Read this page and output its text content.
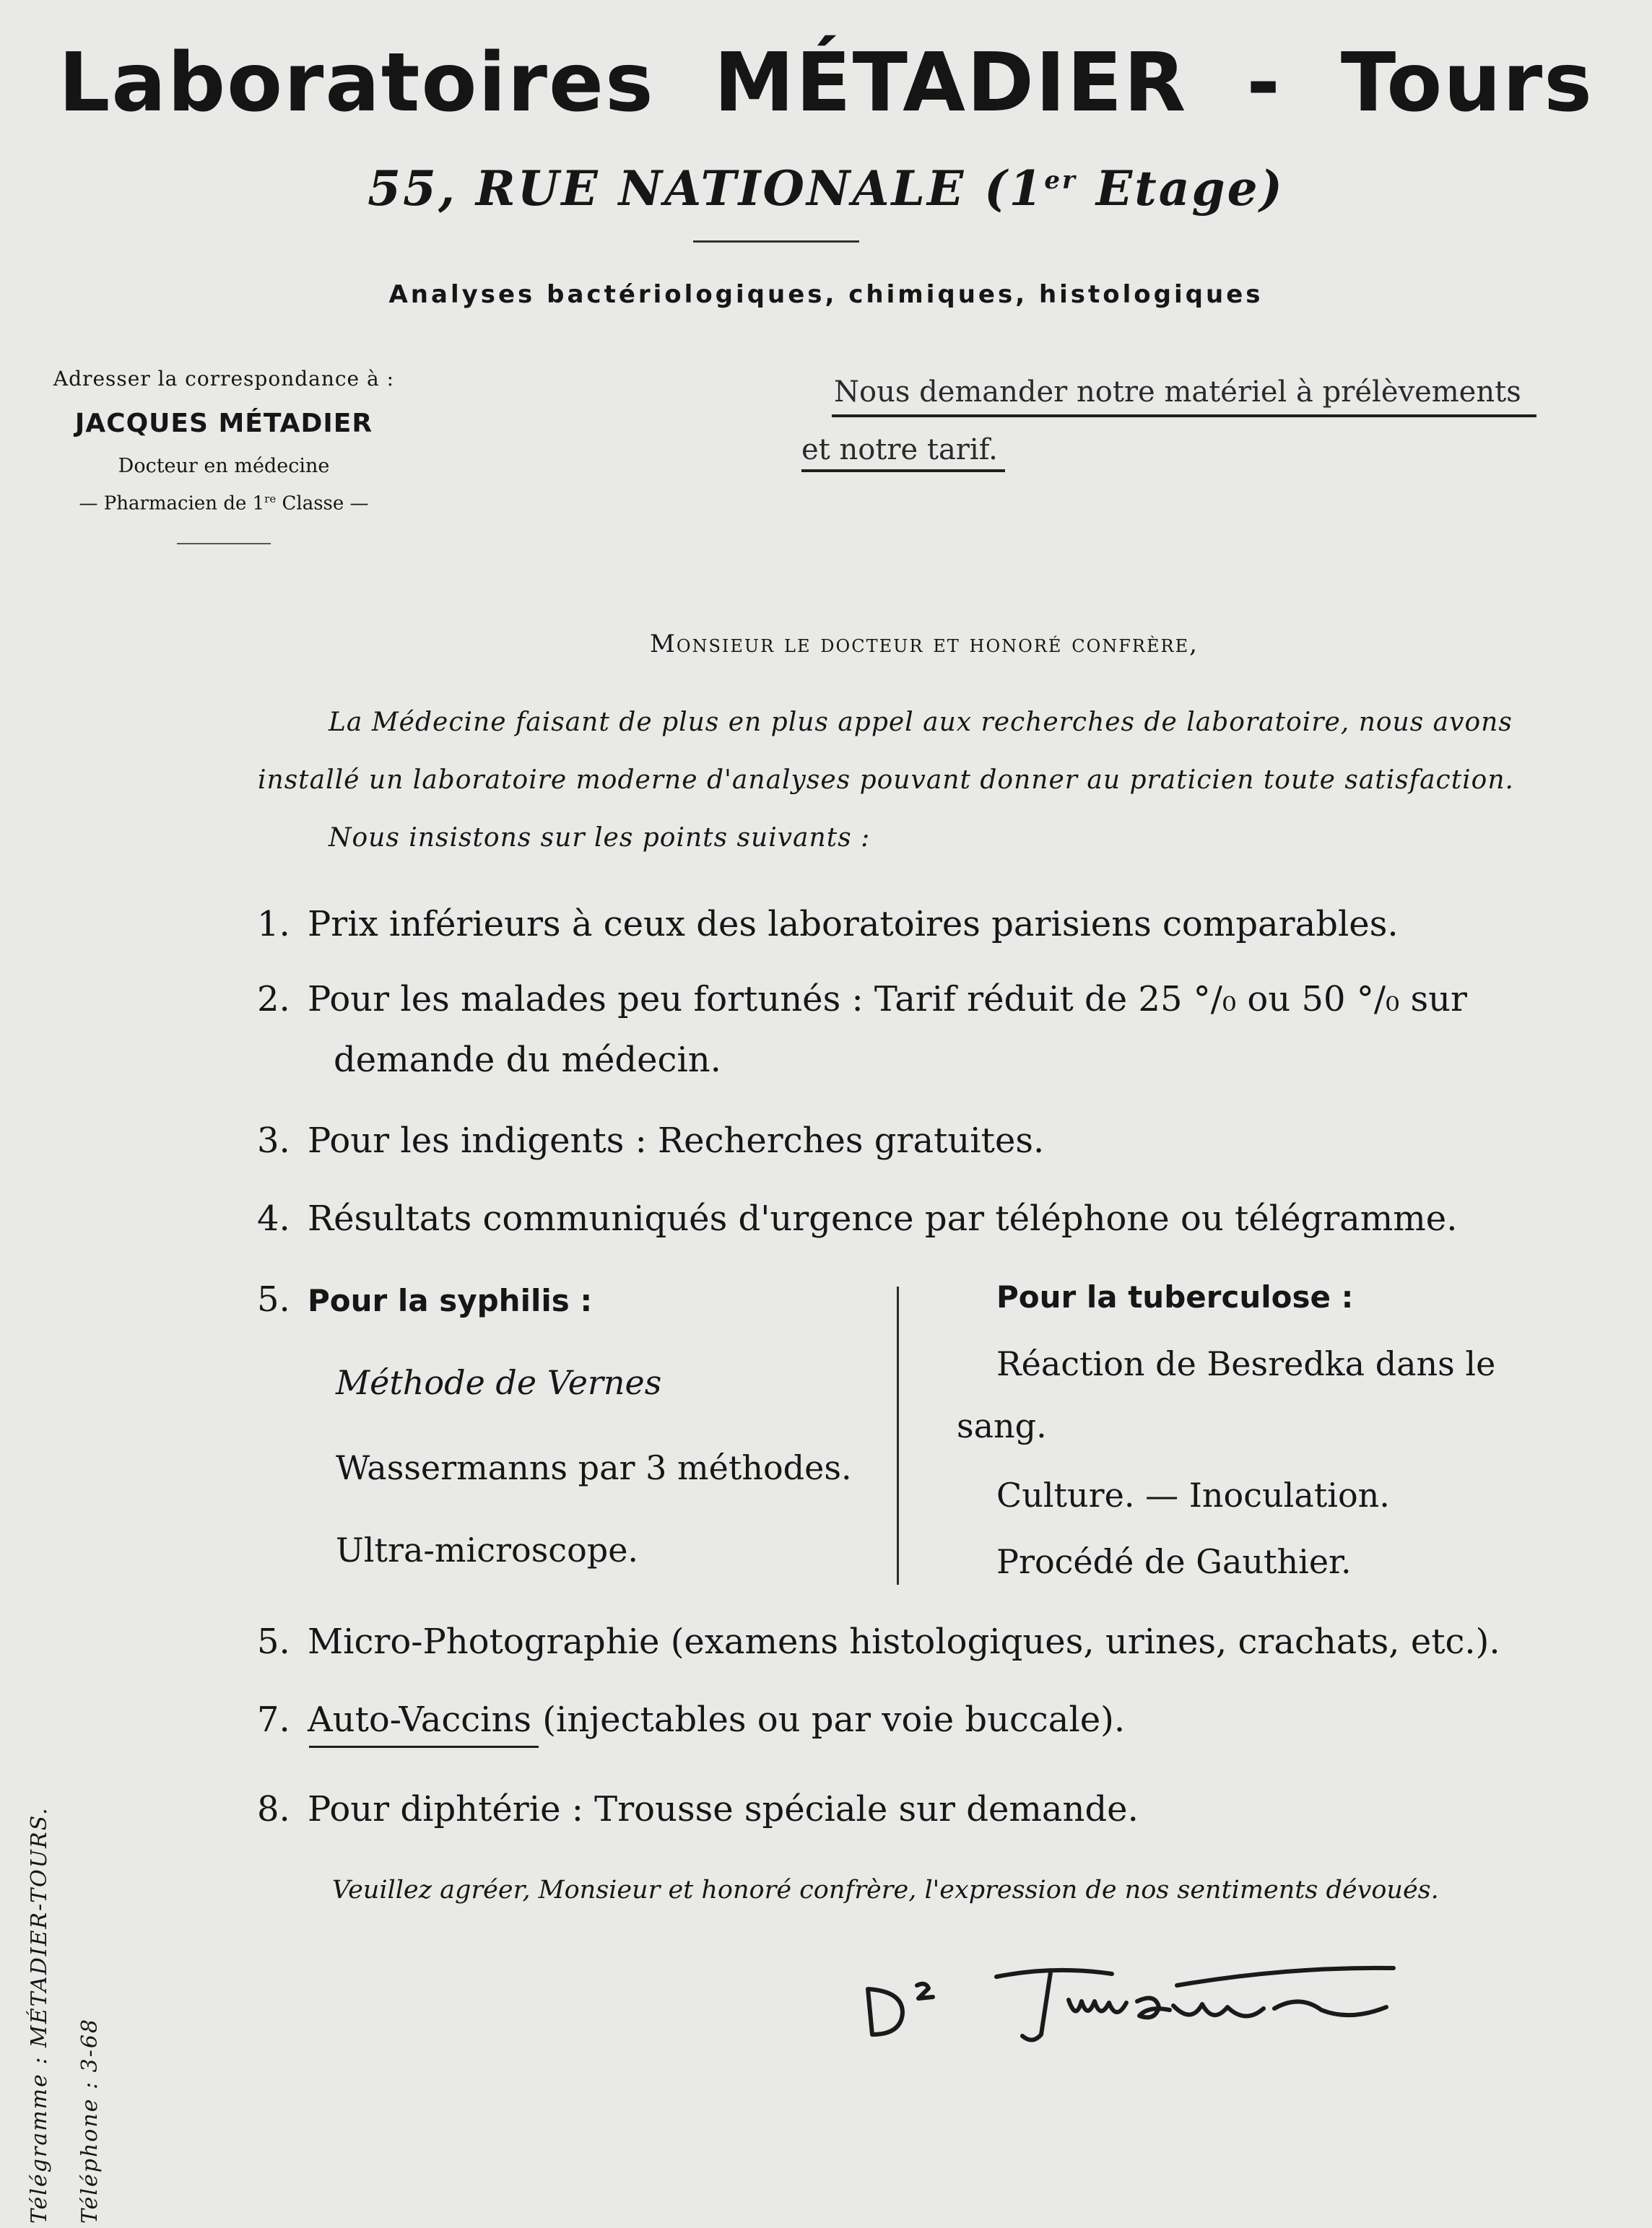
Laboratoires  MÉTADIER  -  Tours
55, RUE NATIONALE (1er Etage)
Analyses bactériologiques, chimiques, histologiques
Adresser la correspondance à :
JACQUES MÉTADIER
Docteur en médecine
— Pharmacien de 1re Classe —
Nous demander notre matériel à prélèvements
et notre tarif.
Monsieur le docteur et honoré confrère,
La Médecine faisant de plus en plus appel aux recherches de laboratoire, nous avons
installé un laboratoire moderne d'analyses pouvant donner au praticien toute satisfaction.
Nous insistons sur les points suivants :
1. Prix inférieurs à ceux des laboratoires parisiens comparables.
2. Pour les malades peu fortunés : Tarif réduit de 25 °/₀ ou 50 °/₀ sur
demande du médecin.
3. Pour les indigents : Recherches gratuites.
4. Résultats communiqués d'urgence par téléphone ou télégramme.
5. Pour la syphilis :
Méthode de Vernes
Wassermanns par 3 méthodes.
Ultra-microscope.
Pour la tuberculose :
Réaction de Besredka dans le
sang.
Culture. — Inoculation.
Procédé de Gauthier.
5. Micro-Photographie (examens histologiques, urines, crachats, etc.).
7. Auto-Vaccins (injectables ou par voie buccale).
8. Pour diphtérie : Trousse spéciale sur demande.
Veuillez agréer, Monsieur et honoré confrère, l'expression de nos sentiments dévoués.
Télégramme : MÉTADIER-TOURS.	Téléphone : 3-68
